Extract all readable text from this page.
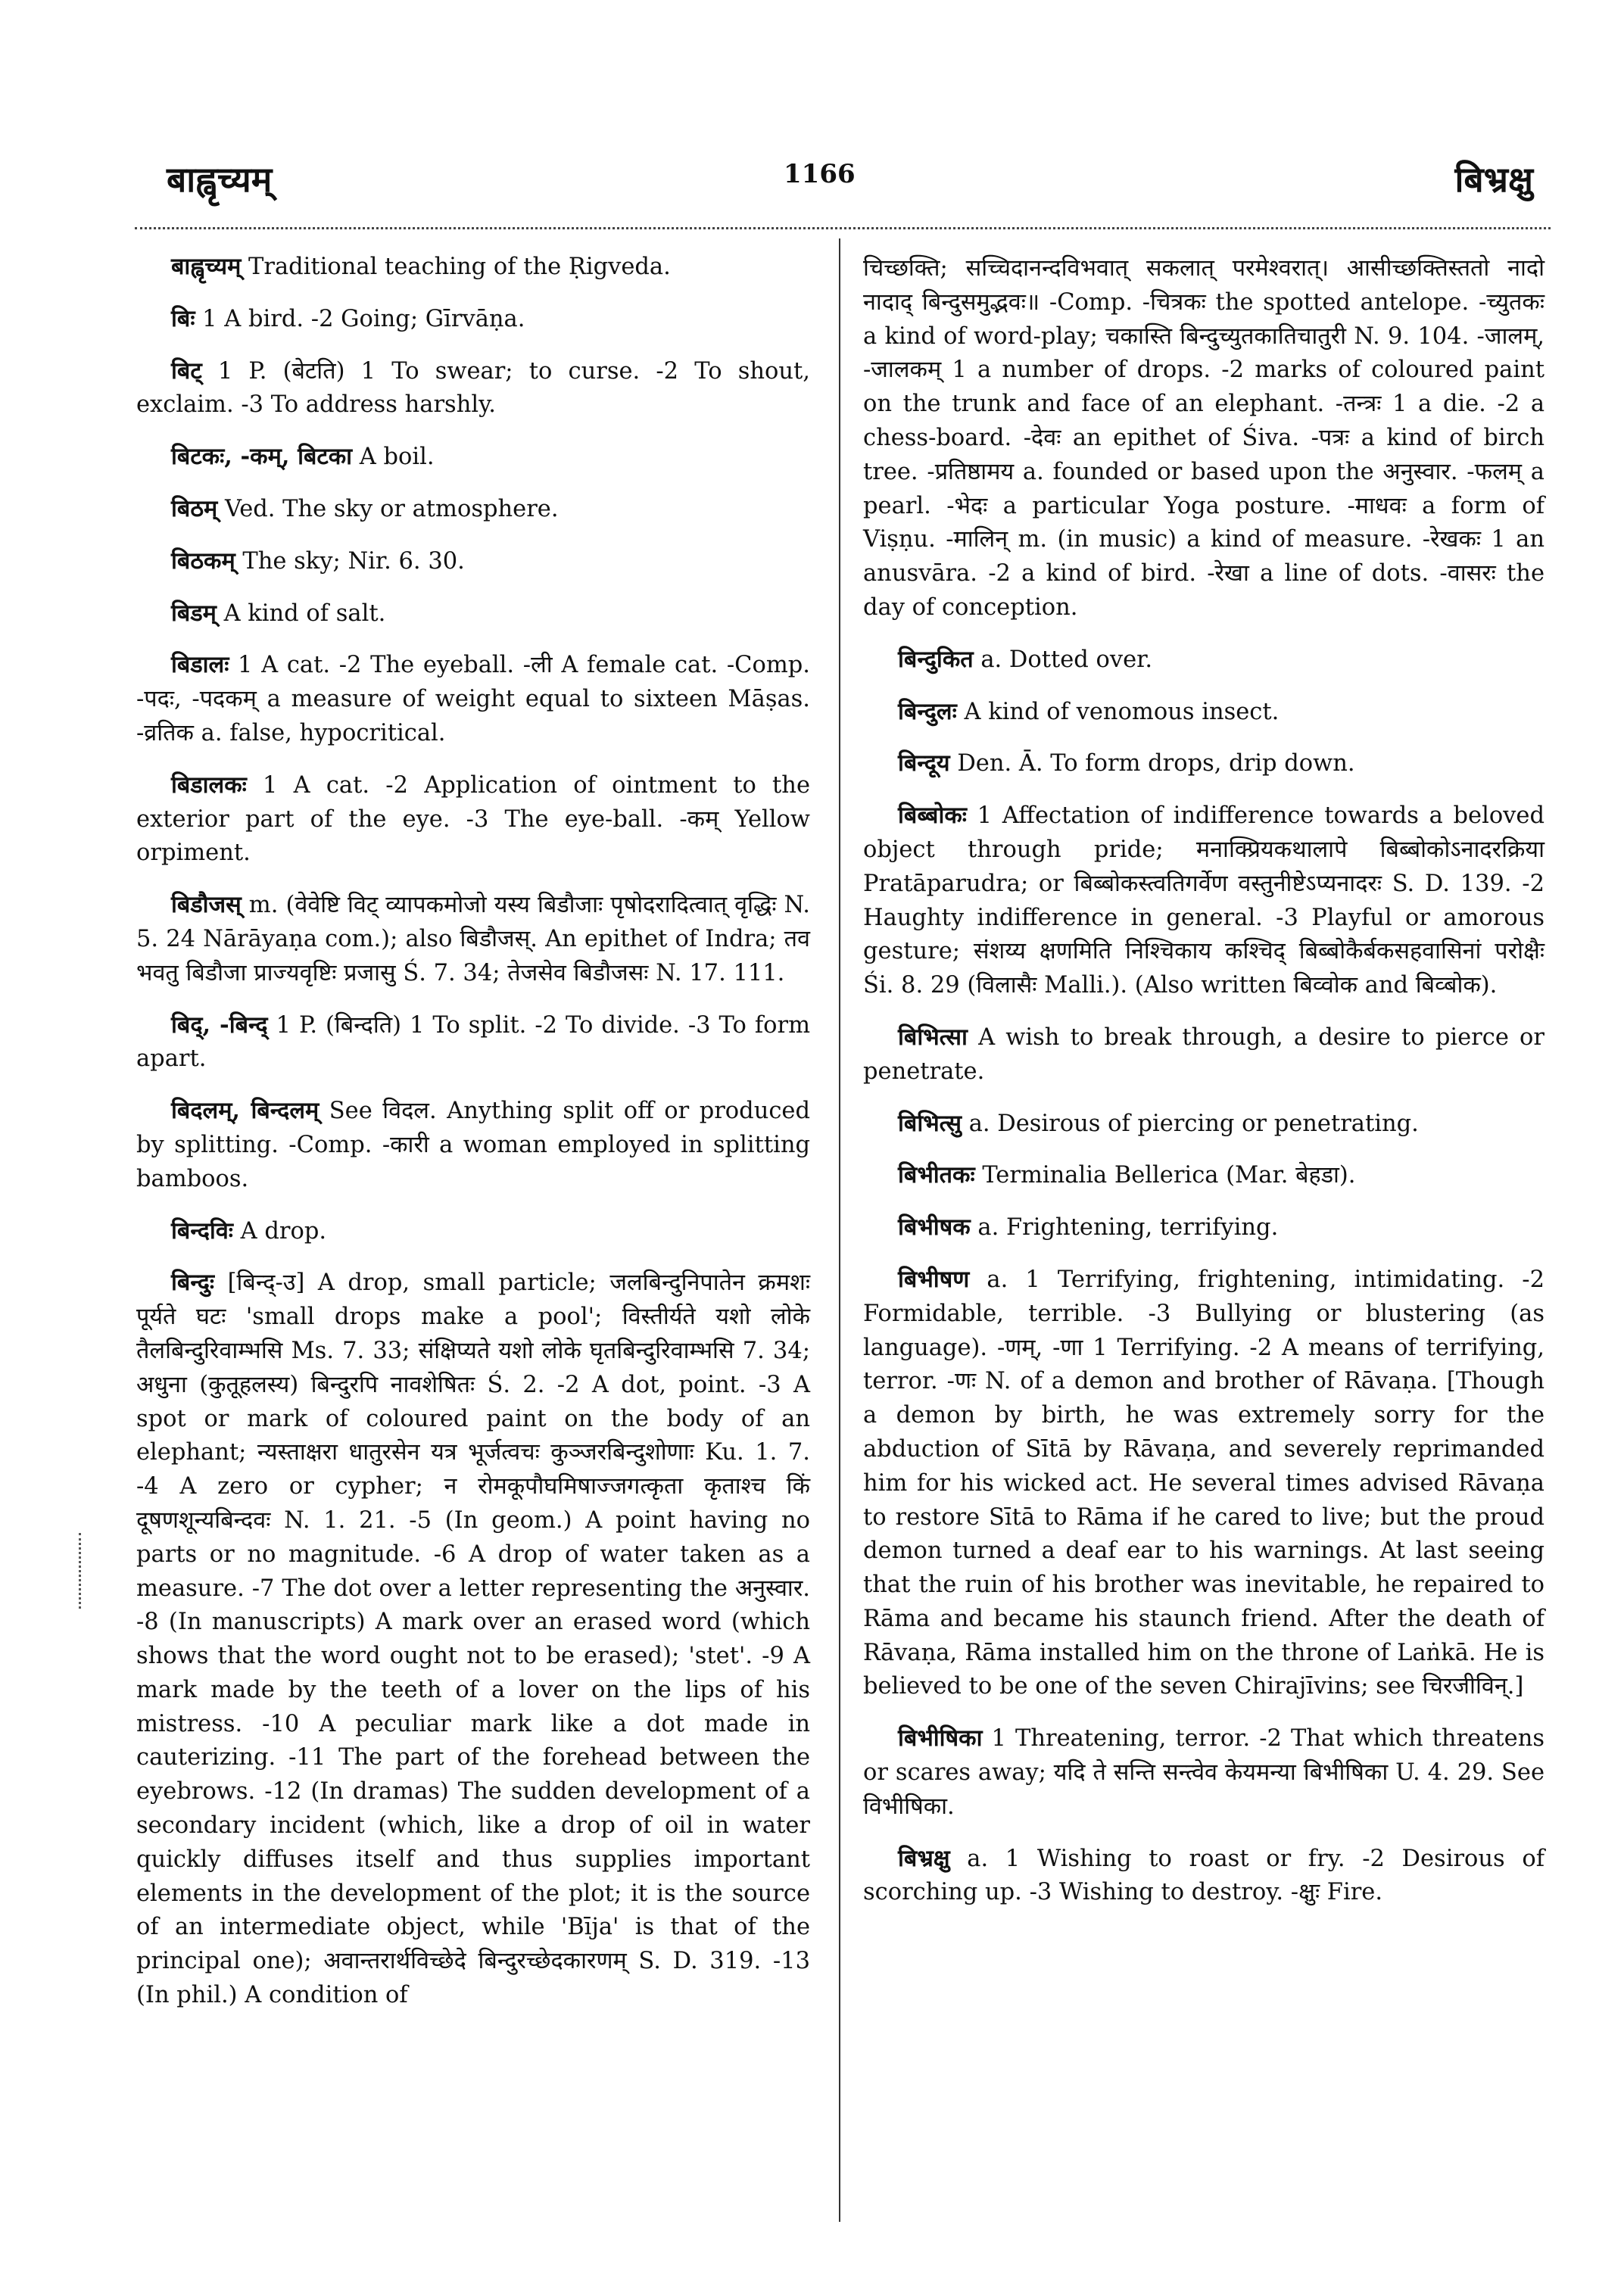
बाह्वृच्यम्	1166	बिभ्रक्षु

बाह्वृच्यम् Traditional teaching of the Ṛigveda.

बिः 1 A bird. -2 Going; Gīrvāṇa.

बिट् 1 P. (बेटति) 1 To swear; to curse. -2 To shout, exclaim. -3 To address harshly.

बिटकः, -कम्, बिटका A boil.

बिठम् Ved. The sky or atmosphere.

बिठकम् The sky; Nir. 6. 30.

बिडम् A kind of salt.

बिडालः 1 A cat. -2 The eyeball. -ली A female cat. -Comp. -पदः, -पदकम् a measure of weight equal to sixteen Māṣas. -व्रतिक a. false, hypocritical.

बिडालकः 1 A cat. -2 Application of ointment to the exterior part of the eye. -3 The eye-ball. -कम् Yellow orpiment.

बिडौजस् m. (वेवेष्टि विट् व्यापकमोजो यस्य बिडौजाः पृषोदरादित्वात् वृद्धिः N. 5. 24 Nārāyaṇa com.); also बिडौजस्. An epithet of Indra; तव भवतु बिडौजा प्राज्यवृष्टिः प्रजासु Ś. 7. 34; तेजसेव बिडौजसः N. 17. 111.

बिद्, -बिन्द् 1 P. (बिन्दति) 1 To split. -2 To divide. -3 To form apart.

बिदलम्, बिन्दलम् See विदल. Anything split off or produced by splitting. -Comp. -कारी a woman employed in splitting bamboos.

बिन्दविः A drop.

बिन्दुः [बिन्द्-उ] A drop, small particle; जलबिन्दुनिपातेन क्रमशः पूर्यते घटः 'small drops make a pool'; विस्तीर्यते यशो लोके तैलबिन्दुरिवाम्भसि Ms. 7. 33; संक्षिप्यते यशो लोके घृतबिन्दुरिवाम्भसि 7. 34; अधुना (कुतूहलस्य) बिन्दुरपि नावशेषितः Ś. 2. -2 A dot, point. -3 A spot or mark of coloured paint on the body of an elephant; न्यस्ताक्षरा धातुरसेन यत्र भूर्जत्वचः कुञ्जरबिन्दुशोणाः Ku. 1. 7. -4 A zero or cypher; न रोमकूपौघमिषाज्जगत्कृता कृताश्च किं दूषणशून्यबिन्दवः N. 1. 21. -5 (In geom.) A point having no parts or no magnitude. -6 A drop of water taken as a measure. -7 The dot over a letter representing the अनुस्वार. -8 (In manuscripts) A mark over an erased word (which shows that the word ought not to be erased); 'stet'. -9 A mark made by the teeth of a lover on the lips of his mistress. -10 A peculiar mark like a dot made in cauterizing. -11 The part of the forehead between the eyebrows. -12 (In dramas) The sudden development of a secondary incident (which, like a drop of oil in water quickly diffuses itself and thus supplies important elements in the development of the plot; it is the source of an intermediate object, while 'Bīja' is that of the principal one); अवान्तरार्थविच्छेदे बिन्दुरच्छेदकारणम् S. D. 319. -13 (In phil.) A condition of

चिच्छक्ति; सच्चिदानन्दविभवात् सकलात् परमेश्वरात्। आसीच्छक्तिस्ततो नादो नादाद् बिन्दुसमुद्भवः॥ -Comp. -चित्रकः the spotted antelope. -च्युतकः a kind of word-play; चकास्ति बिन्दुच्युतकातिचातुरी N. 9. 104. -जालम्, -जालकम् 1 a number of drops. -2 marks of coloured paint on the trunk and face of an elephant. -तन्त्रः 1 a die. -2 a chess-board. -देवः an epithet of Śiva. -पत्रः a kind of birch tree. -प्रतिष्ठामय a. founded or based upon the अनुस्वार. -फलम् a pearl. -भेदः a particular Yoga posture. -माधवः a form of Viṣṇu. -मालिन् m. (in music) a kind of measure. -रेखकः 1 an anusvāra. -2 a kind of bird. -रेखा a line of dots. -वासरः the day of conception.

बिन्दुकित a. Dotted over.

बिन्दुलः A kind of venomous insect.

बिन्दूय Den. Ā. To form drops, drip down.

बिब्बोकः 1 Affectation of indifference towards a beloved object through pride; मनाक्प्रियकथालापे बिब्बोकोऽनादरक्रिया Pratāparudra; or बिब्बोकस्त्वतिगर्वेण वस्तुनीष्टेऽप्यनादरः S. D. 139. -2 Haughty indifference in general. -3 Playful or amorous gesture; संशय्य क्षणमिति निश्चिकाय कश्चिद् बिब्बोकैर्बकसहवासिनां परोक्षैः Śi. 8. 29 (विलासैः Malli.). (Also written बिव्वोक and बिव्बोक).

बिभित्सा A wish to break through, a desire to pierce or penetrate.

बिभित्सु a. Desirous of piercing or penetrating.

बिभीतकः Terminalia Bellerica (Mar. बेहडा).

बिभीषक a. Frightening, terrifying.

बिभीषण a. 1 Terrifying, frightening, intimidating. -2 Formidable, terrible. -3 Bullying or blustering (as language). -णम्, -णा 1 Terrifying. -2 A means of terrifying, terror. -णः N. of a demon and brother of Rāvaṇa. [Though a demon by birth, he was extremely sorry for the abduction of Sītā by Rāvaṇa, and severely reprimanded him for his wicked act. He several times advised Rāvaṇa to restore Sītā to Rāma if he cared to live; but the proud demon turned a deaf ear to his warnings. At last seeing that the ruin of his brother was inevitable, he repaired to Rāma and became his staunch friend. After the death of Rāvaṇa, Rāma installed him on the throne of Laṅkā. He is believed to be one of the seven Chirajīvins; see चिरजीविन्.]

बिभीषिका 1 Threatening, terror. -2 That which threatens or scares away; यदि ते सन्ति सन्त्वेव केयमन्या बिभीषिका U. 4. 29. See विभीषिका.

बिभ्रक्षु a. 1 Wishing to roast or fry. -2 Desirous of scorching up. -3 Wishing to destroy. -क्षुः Fire.
